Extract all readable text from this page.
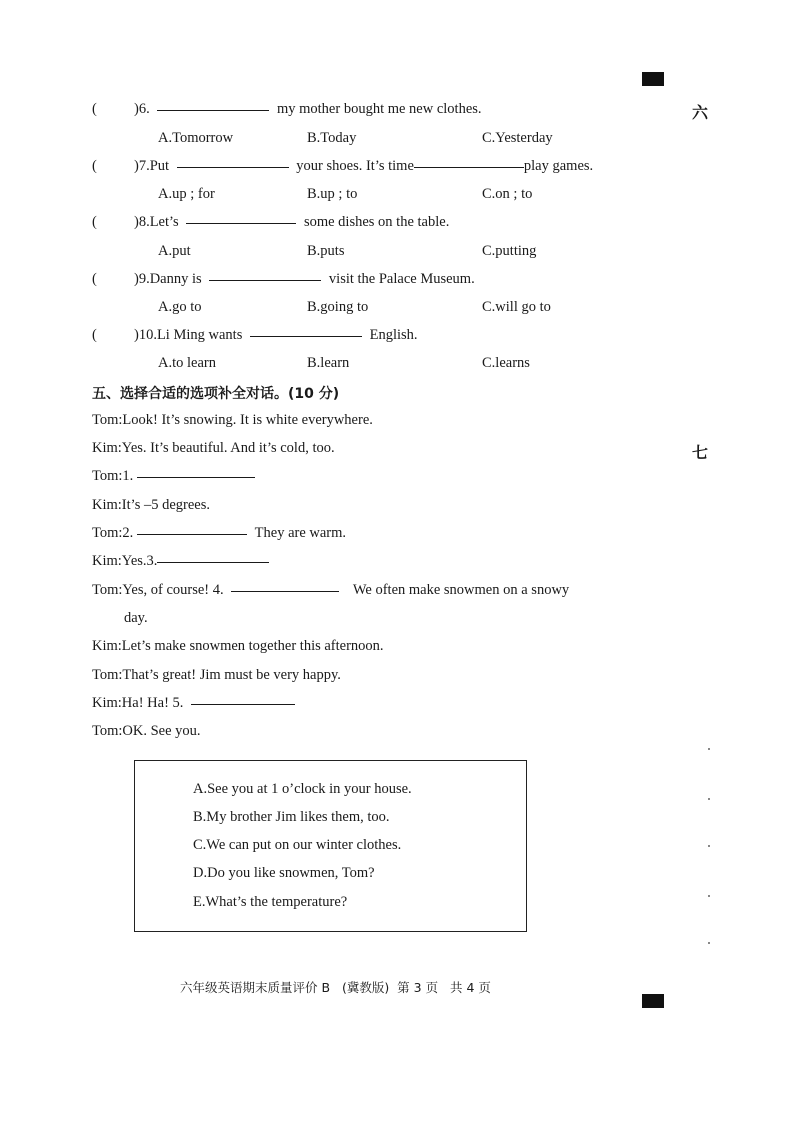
六
七
(	)6.	my mother bought me new clothes.
A.Tomorrow	B.Today	C.Yesterday
(	)7.Put	your shoes. It’s time	play games.
A.up ; for	B.up ; to	C.on ; to
(	)8.Let’s	some dishes on the table.
A.put	B.puts	C.putting
(	)9.Danny is	visit the Palace Museum.
A.go to	B.going to	C.will go to
(	)10.Li Ming wants	English.
A.to learn	B.learn	C.learns
五、选择合适的选项补全对话。(10 分)
Tom:Look! It’s snowing. It is white everywhere.
Kim:Yes. It’s beautiful. And it’s cold, too.
Tom:1.
Kim:It’s –5 degrees.
Tom:2.	They are warm.
Kim:Yes.3.
Tom:Yes, of course! 4.	We often make snowmen on a snowy
day.
Kim:Let’s make snowmen together this afternoon.
Tom:That’s great! Jim must be very happy.
Kim:Ha! Ha! 5.
Tom:OK. See you.
A.See you at 1 o’clock in your house.
B.My brother Jim likes them, too.
C.We can put on our winter clothes.
D.Do you like snowmen, Tom?
E.What’s the temperature?
六年级英语期末质量评价 B   (冀教版)  第 3 页   共 4 页
